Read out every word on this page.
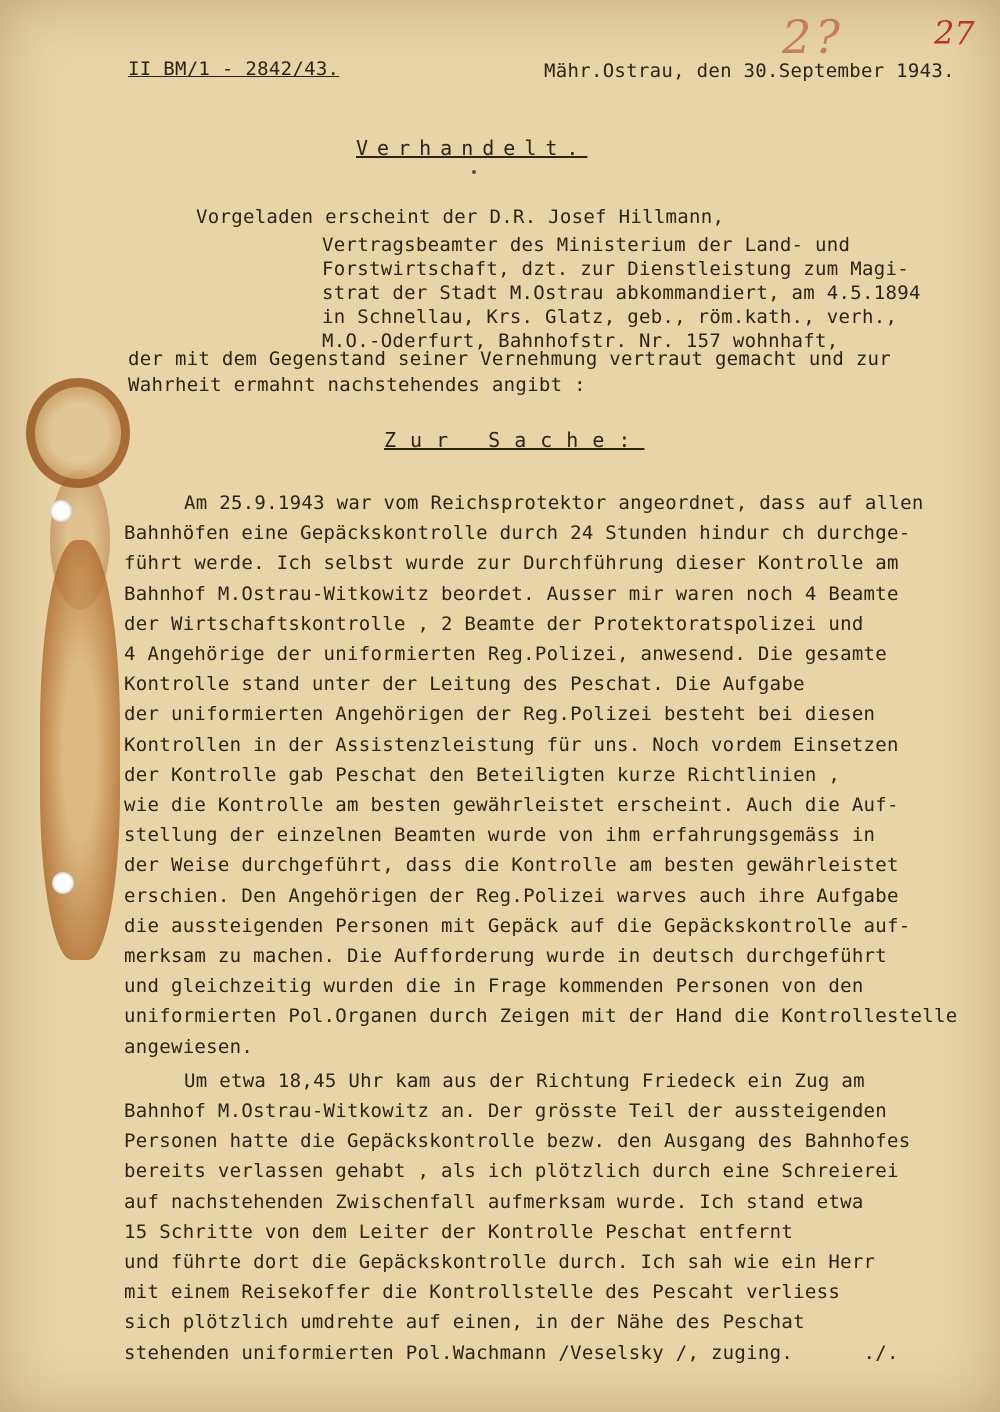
2?	27
II BM/1 - 2842/43.	Mähr.Ostrau, den 30.September 1943.
Verhandelt.
Vorgeladen erscheint der D.R. Josef Hillmann,
Vertragsbeamter des Ministerium der Land- und
Forstwirtschaft, dzt. zur Dienstleistung zum Magi-
strat der Stadt M.Ostrau abkommandiert, am 4.5.1894
in Schnellau, Krs. Glatz, geb., röm.kath., verh.,
M.O.-Oderfurt, Bahnhofstr. Nr. 157 wohnhaft,
der mit dem Gegenstand seiner Vernehmung vertraut gemacht und zur
Wahrheit ermahnt nachstehendes angibt :
Zur Sache:
Am 25.9.1943 war vom Reichsprotektor angeordnet, dass auf allen
Bahnhöfen eine Gepäckskontrolle durch 24 Stunden hindur ch durchge-
führt werde. Ich selbst wurde zur Durchführung dieser Kontrolle am
Bahnhof M.Ostrau-Witkowitz beordet. Ausser mir waren noch 4 Beamte
der Wirtschaftskontrolle , 2 Beamte der Protektoratspolizei und
4 Angehörige der uniformierten Reg.Polizei, anwesend. Die gesamte
Kontrolle stand unter der Leitung des Peschat. Die Aufgabe
der uniformierten Angehörigen der Reg.Polizei besteht bei diesen
Kontrollen in der Assistenzleistung für uns. Noch vordem Einsetzen
der Kontrolle gab Peschat den Beteiligten kurze Richtlinien ,
wie die Kontrolle am besten gewährleistet erscheint. Auch die Auf-
stellung der einzelnen Beamten wurde von ihm erfahrungsgemäss in
der Weise durchgeführt, dass die Kontrolle am besten gewährleistet
erschien. Den Angehörigen der Reg.Polizei warves auch ihre Aufgabe
die aussteigenden Personen mit Gepäck auf die Gepäckskontrolle auf-
merksam zu machen. Die Aufforderung wurde in deutsch durchgeführt
und gleichzeitig wurden die in Frage kommenden Personen von den
uniformierten Pol.Organen durch Zeigen mit der Hand die Kontrollestelle
angewiesen.
Um etwa 18,45 Uhr kam aus der Richtung Friedeck ein Zug am
Bahnhof M.Ostrau-Witkowitz an. Der grösste Teil der aussteigenden
Personen hatte die Gepäckskontrolle bezw. den Ausgang des Bahnhofes
bereits verlassen gehabt , als ich plötzlich durch eine Schreierei
auf nachstehenden Zwischenfall aufmerksam wurde. Ich stand etwa
15 Schritte von dem Leiter der Kontrolle Peschat entfernt
und führte dort die Gepäckskontrolle durch. Ich sah wie ein Herr
mit einem Reisekoffer die Kontrollstelle des Pescaht verliess
sich plötzlich umdrehte auf einen, in der Nähe des Peschat
stehenden uniformierten Pol.Wachmann /Veselsky /, zuging.      ./.
